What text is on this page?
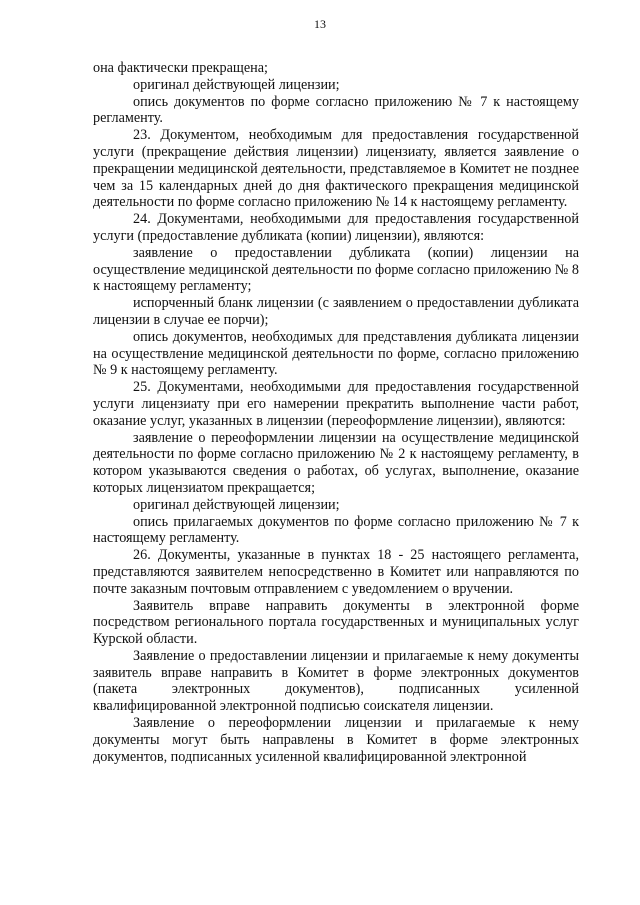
13

она фактически прекращена;

оригинал действующей лицензии;

опись документов по форме согласно приложению № 7 к настоящему регламенту.

23. Документом, необходимым для предоставления государственной услуги (прекращение действия лицензии) лицензиату, является заявление о прекращении медицинской деятельности, представляемое в Комитет не позднее чем за 15 календарных дней до дня фактического прекращения медицинской деятельности по форме согласно приложению № 14 к настоящему регламенту.

24. Документами, необходимыми для предоставления государственной услуги (предоставление дубликата (копии) лицензии), являются:

заявление о предоставлении дубликата (копии) лицензии на осуществление медицинской деятельности по форме согласно приложению № 8 к настоящему регламенту;

испорченный бланк лицензии (с заявлением о предоставлении дубликата лицензии в случае ее порчи);

опись документов, необходимых для представления дубликата лицензии на осуществление медицинской деятельности по форме, согласно приложению № 9 к настоящему регламенту.

25. Документами, необходимыми для предоставления государственной услуги лицензиату при его намерении прекратить выполнение части работ, оказание услуг, указанных в лицензии (переоформление лицензии), являются:

заявление о переоформлении лицензии на осуществление медицинской деятельности по форме согласно приложению № 2 к настоящему регламенту, в котором указываются сведения о работах, об услугах, выполнение, оказание которых лицензиатом прекращается;

оригинал действующей лицензии;

опись прилагаемых документов по форме согласно приложению № 7 к настоящему регламенту.

26. Документы, указанные в пунктах 18 - 25 настоящего регламента, представляются заявителем непосредственно в Комитет или направляются по почте заказным почтовым отправлением с уведомлением о вручении.

Заявитель вправе направить документы в электронной форме посредством регионального портала государственных и муниципальных услуг Курской области.

Заявление о предоставлении лицензии и прилагаемые к нему документы заявитель вправе направить в Комитет в форме электронных документов (пакета электронных документов), подписанных усиленной квалифицированной электронной подписью соискателя лицензии.

Заявление о переоформлении лицензии и прилагаемые к нему документы могут быть направлены в Комитет в форме электронных документов, подписанных усиленной квалифицированной электронной
